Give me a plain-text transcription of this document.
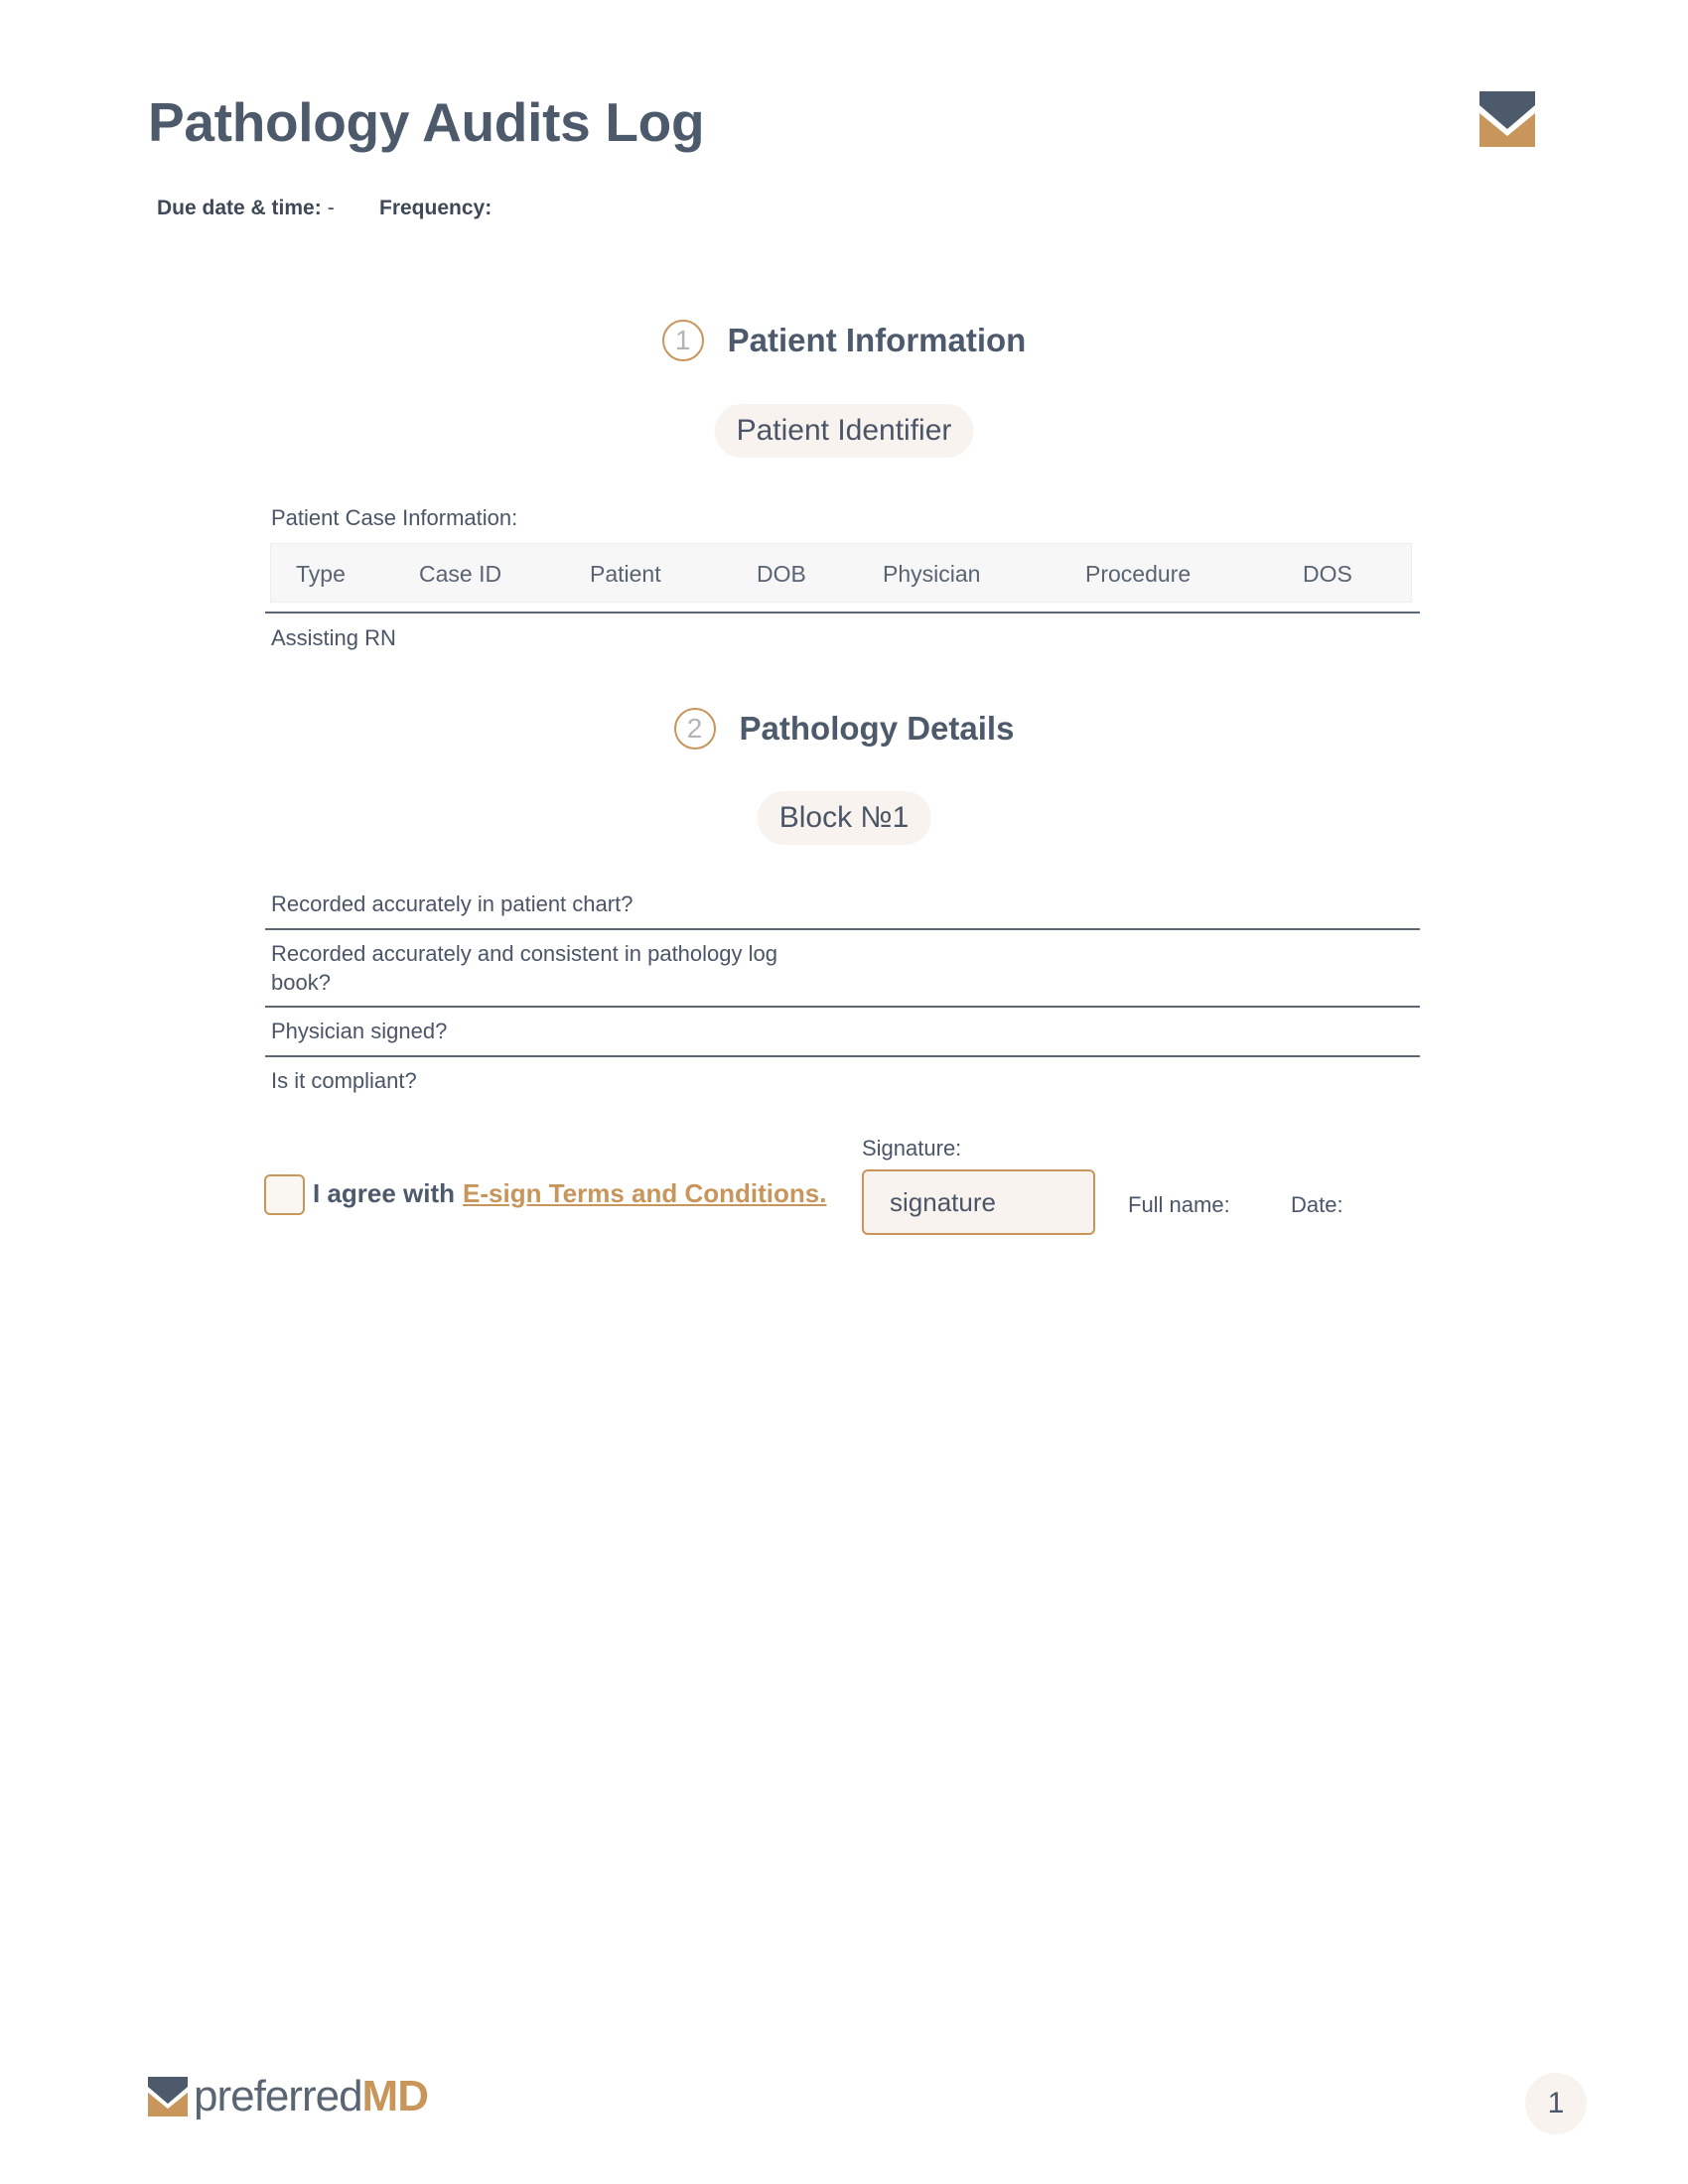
Pathology Audits Log
Due date & time: - Frequency:
1	Patient Information
Patient Identifier
Patient Case Information:
Type	Case ID	Patient	DOB	Physician	Procedure	DOS
Assisting RN
2	Pathology Details
Block №1
Recorded accurately in patient chart?
Recorded accurately and consistent in pathology log book?
Physician signed?
Is it compliant?
I agree with E-sign Terms and Conditions.
Signature:
signature	Full name:	Date:
preferredMD	1
